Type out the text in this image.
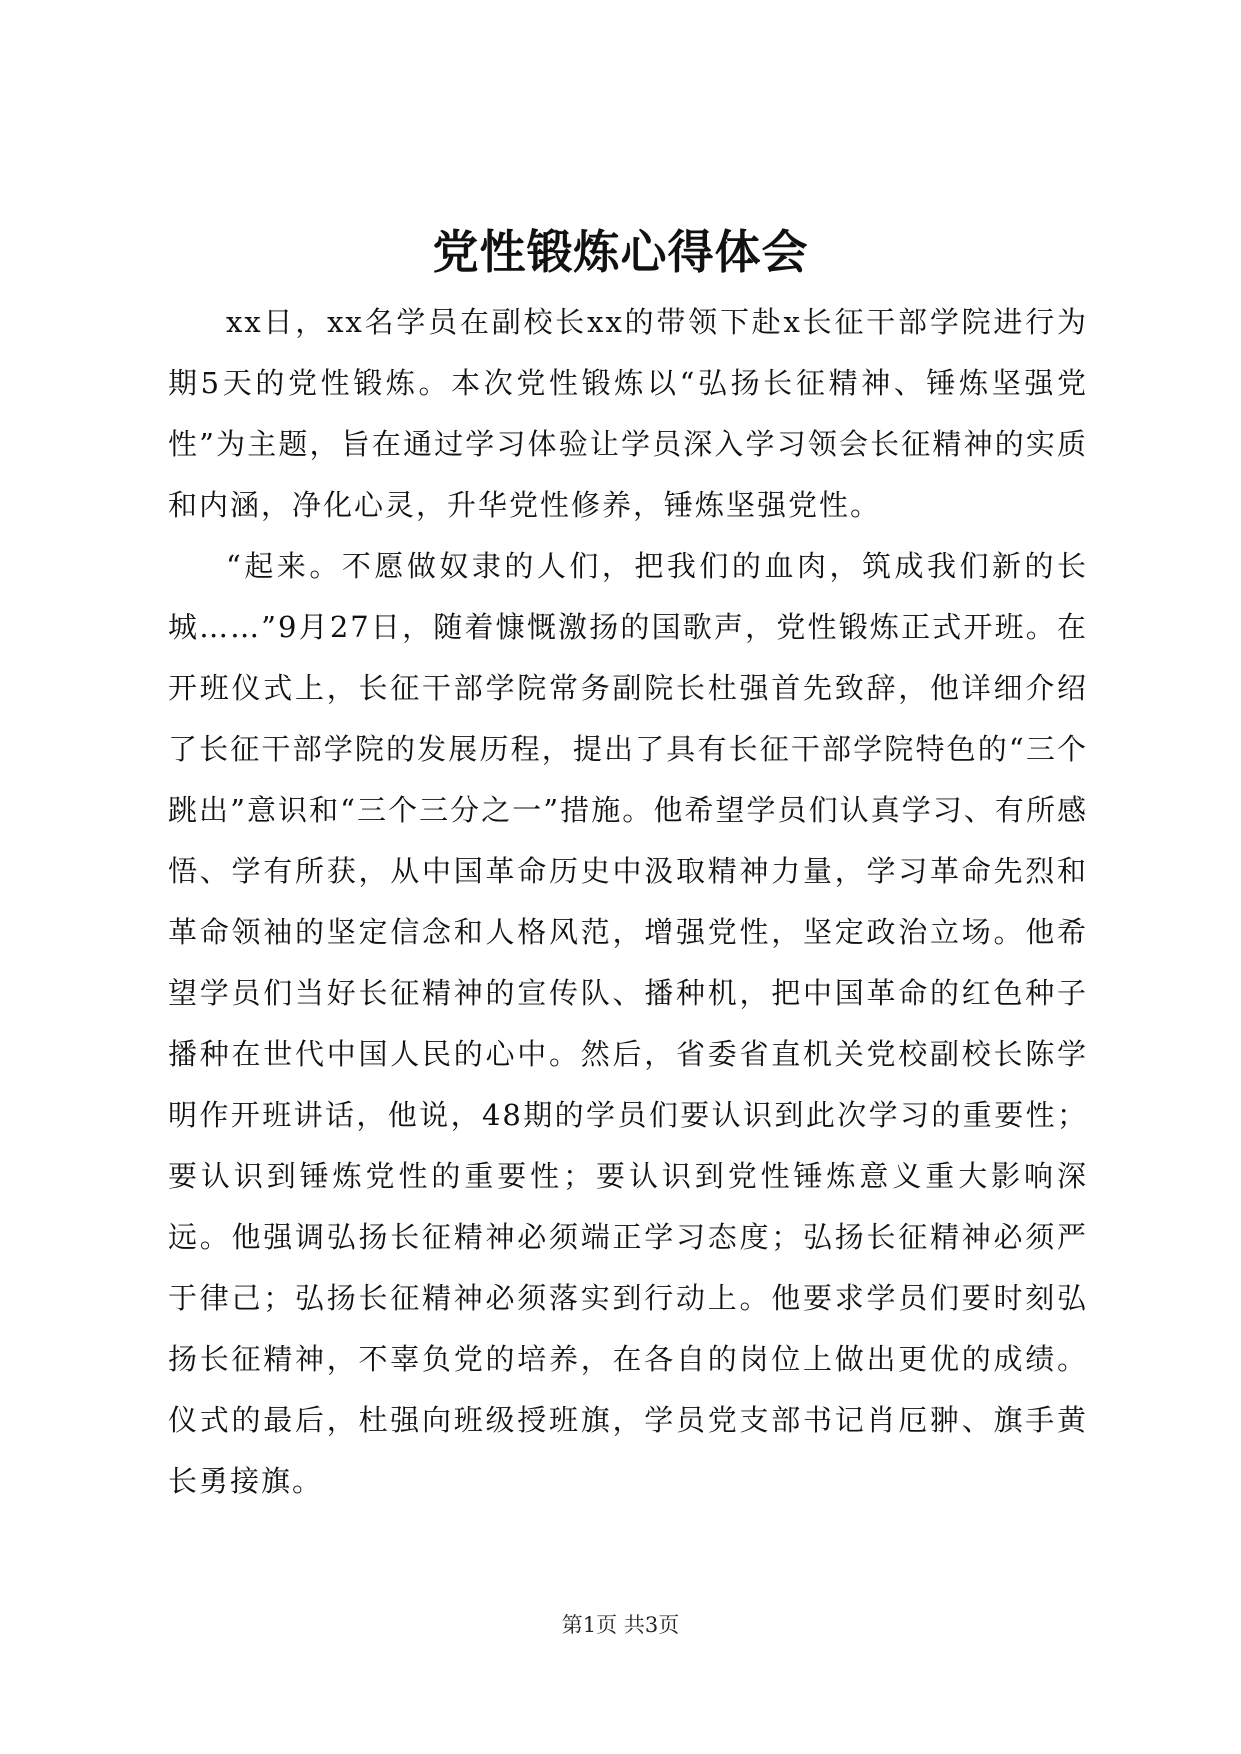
党性锻炼心得体会

xx日，xx名学员在副校长xx的带领下赴x长征干部学院进行为期5天的党性锻炼。本次党性锻炼以“弘扬长征精神、锤炼坚强党性”为主题，旨在通过学习体验让学员深入学习领会长征精神的实质和内涵，净化心灵，升华党性修养，锤炼坚强党性。

“起来。不愿做奴隶的人们，把我们的血肉，筑成我们新的长城……”9月27日，随着慷慨激扬的国歌声，党性锻炼正式开班。在开班仪式上，长征干部学院常务副院长杜强首先致辞，他详细介绍了长征干部学院的发展历程，提出了具有长征干部学院特色的“三个跳出”意识和“三个三分之一”措施。他希望学员们认真学习、有所感悟、学有所获，从中国革命历史中汲取精神力量，学习革命先烈和革命领袖的坚定信念和人格风范，增强党性，坚定政治立场。他希望学员们当好长征精神的宣传队、播种机，把中国革命的红色种子播种在世代中国人民的心中。然后，省委省直机关党校副校长陈学明作开班讲话，他说，48期的学员们要认识到此次学习的重要性；要认识到锤炼党性的重要性；要认识到党性锤炼意义重大影响深远。他强调弘扬长征精神必须端正学习态度；弘扬长征精神必须严于律己；弘扬长征精神必须落实到行动上。他要求学员们要时刻弘扬长征精神，不辜负党的培养，在各自的岗位上做出更优的成绩。仪式的最后，杜强向班级授班旗，学员党支部书记肖厄翀、旗手黄长勇接旗。

第1页 共3页
